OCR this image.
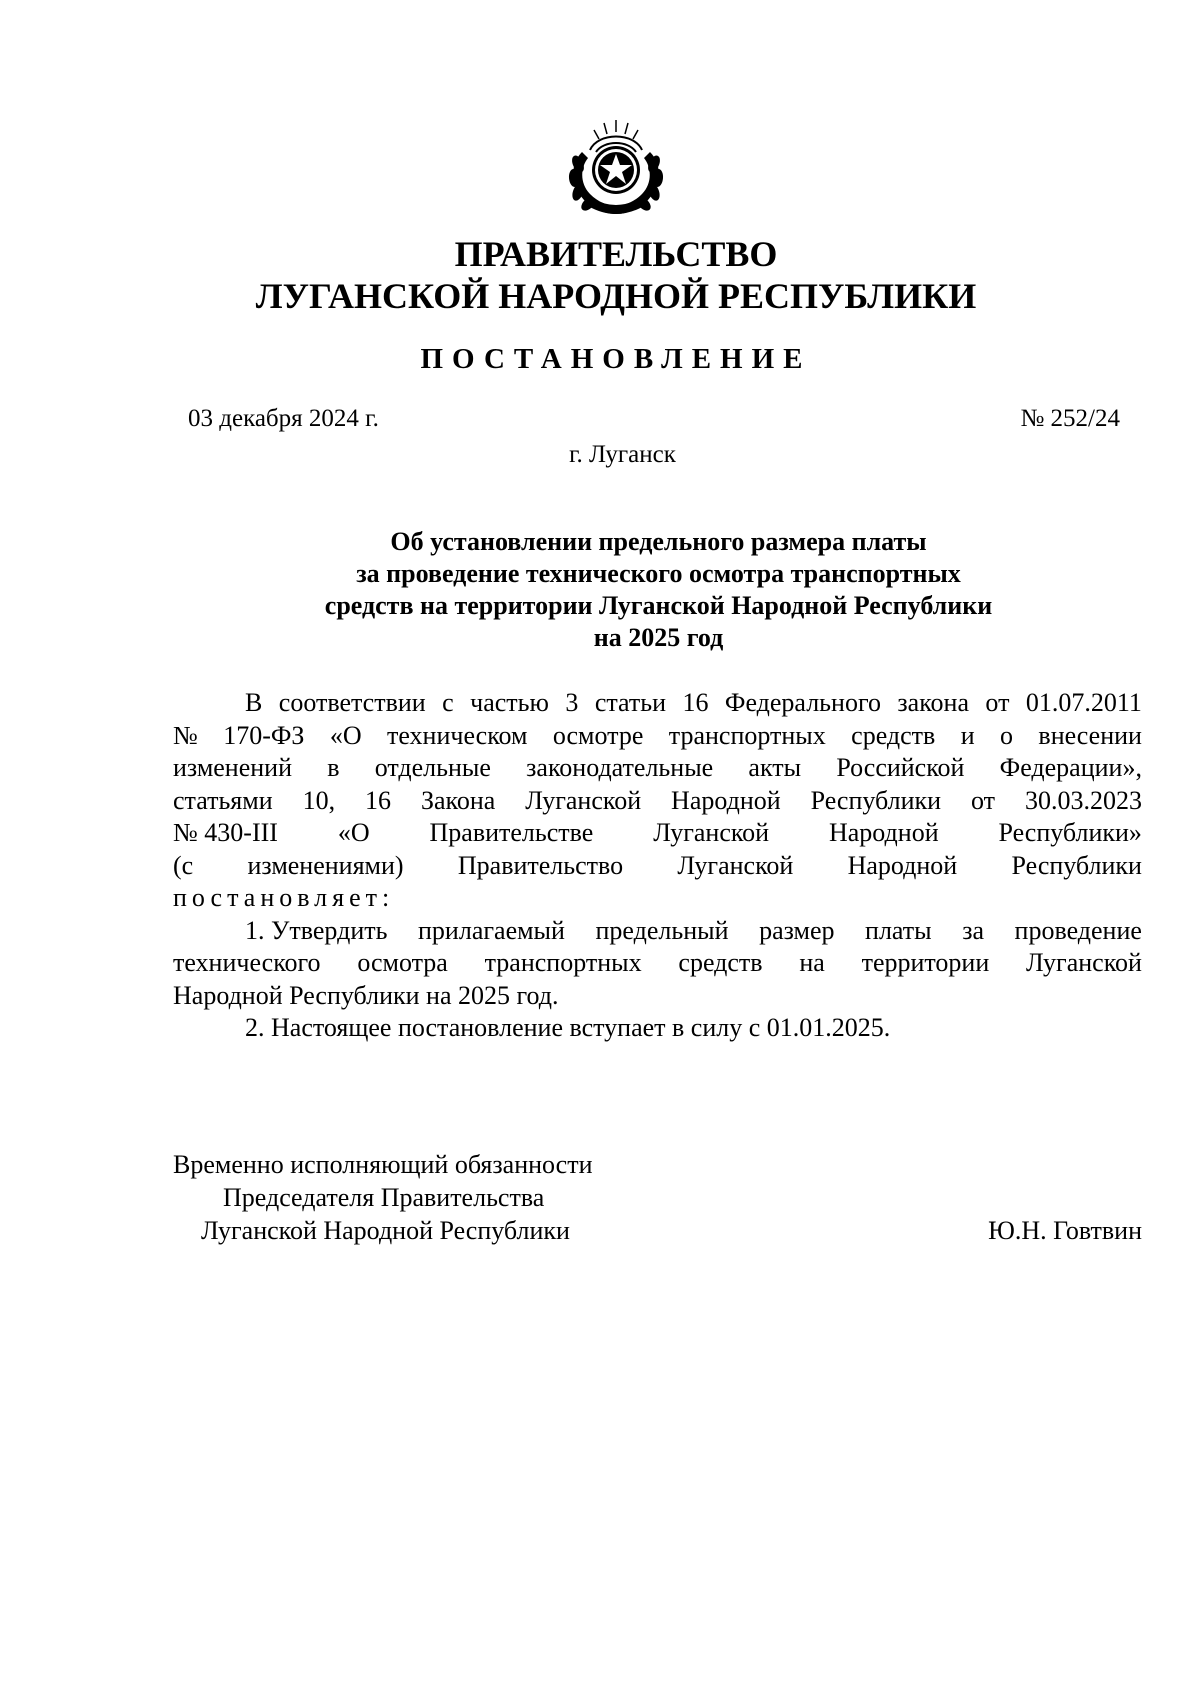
ПРАВИТЕЛЬСТВО
ЛУГАНСКОЙ НАРОДНОЙ РЕСПУБЛИКИ
ПОСТАНОВЛЕНИЕ
03 декабря 2024 г.	№ 252/24
г. Луганск
Об установлении предельного размера платы
за проведение технического осмотра транспортных
средств на территории Луганской Народной Республики
на 2025 год
В соответствии с частью 3 статьи 16 Федерального закона от 01.07.2011
№ 170-ФЗ «О техническом осмотре транспортных средств и о внесении
изменений в отдельные законодательные акты Российской Федерации»,
статьями 10, 16 Закона Луганской Народной Республики от 30.03.2023
№ 430-III «О Правительстве Луганской Народной Республики»
(с изменениями) Правительство Луганской Народной Республики
постановляет:
1. Утвердить прилагаемый предельный размер платы за проведение
технического осмотра транспортных средств на территории Луганской
Народной Республики на 2025 год.
2. Настоящее постановление вступает в силу с 01.01.2025.
Временно исполняющий обязанности
Председателя Правительства
Луганской Народной Республики	Ю.Н. Говтвин
